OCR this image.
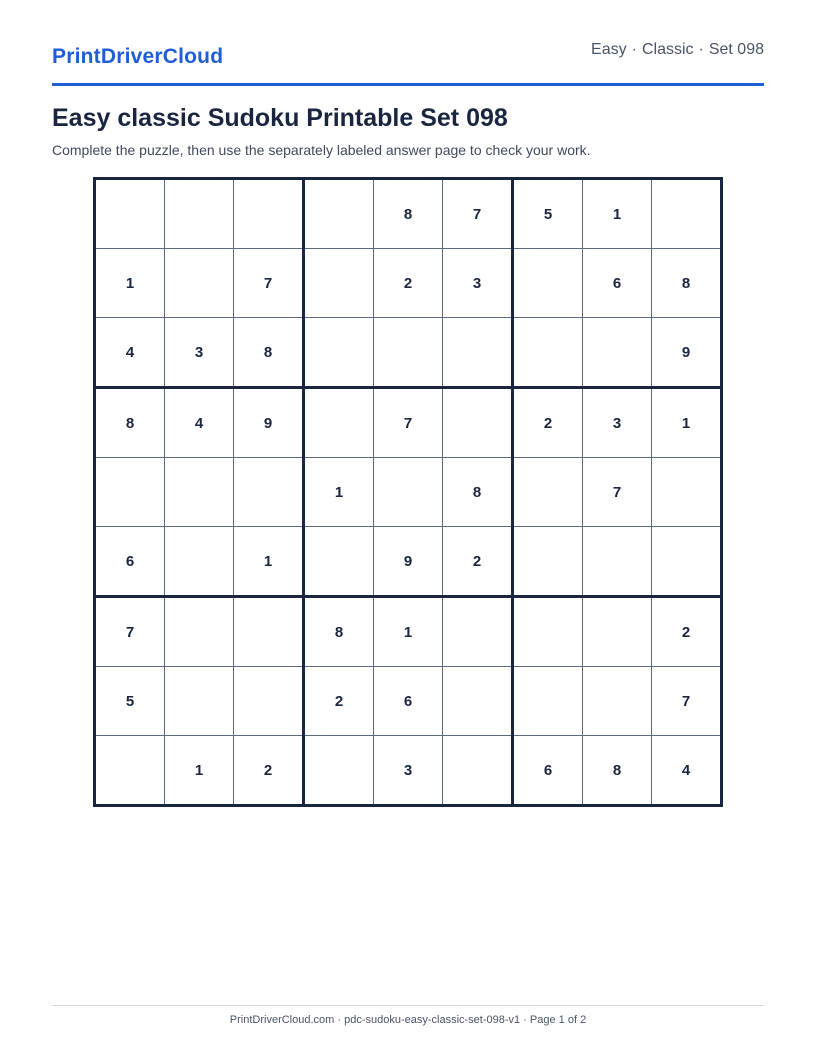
PrintDriverCloud	Easy · Classic · Set 098
Easy classic Sudoku Printable Set 098
Complete the puzzle, then use the separately labeled answer page to check your work.
				8	7	5	1	
1		7		2	3		6	8
4	3	8						9
8	4	9		7		2	3	1
			1		8		7	
6		1		9	2			
7			8	1				2
5			2	6				7
	1	2		3		6	8	4
PrintDriverCloud.com · pdc-sudoku-easy-classic-set-098-v1 · Page 1 of 2
